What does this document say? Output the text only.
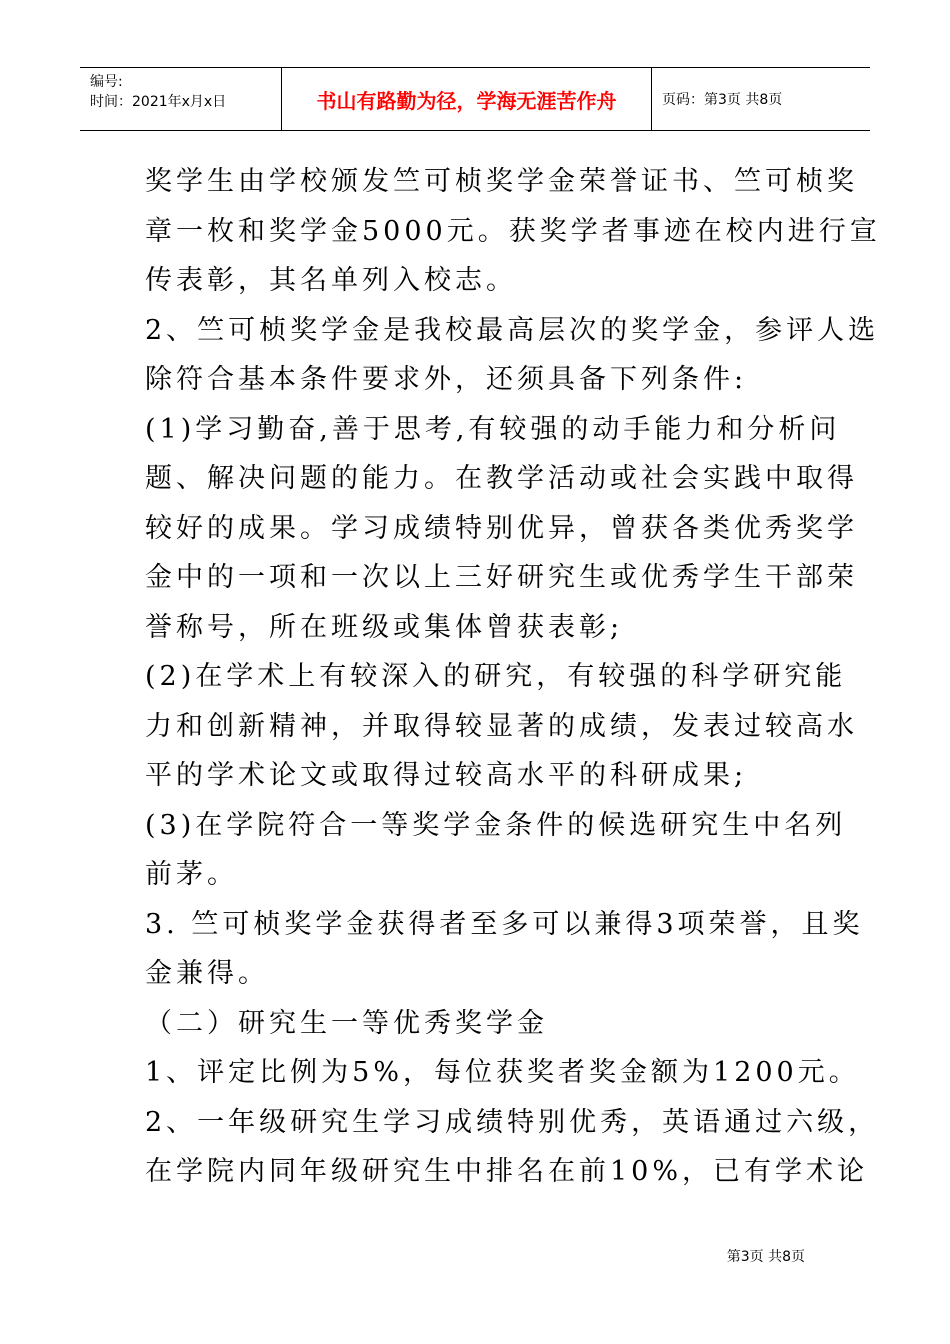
编号:
时间：2021年x月x日	书山有路勤为径，学海无涯苦作舟	页码：第3页 共8页
奖学生由学校颁发竺可桢奖学金荣誉证书、竺可桢奖
章一枚和奖学金5000元。获奖学者事迹在校内进行宣
传表彰，其名单列入校志。
2、竺可桢奖学金是我校最高层次的奖学金，参评人选
除符合基本条件要求外，还须具备下列条件:
(1)学习勤奋,善于思考,有较强的动手能力和分析问
题、解决问题的能力。在教学活动或社会实践中取得
较好的成果。学习成绩特别优异，曾获各类优秀奖学
金中的一项和一次以上三好研究生或优秀学生干部荣
誉称号，所在班级或集体曾获表彰;
(2)在学术上有较深入的研究，有较强的科学研究能
力和创新精神，并取得较显著的成绩，发表过较高水
平的学术论文或取得过较高水平的科研成果;
(3)在学院符合一等奖学金条件的候选研究生中名列
前茅。
3. 竺可桢奖学金获得者至多可以兼得3项荣誉，且奖
金兼得。
（二）研究生一等优秀奖学金
1、评定比例为5%，每位获奖者奖金额为1200元。
2、一年级研究生学习成绩特别优秀，英语通过六级，
在学院内同年级研究生中排名在前10%，已有学术论
第3页 共8页
